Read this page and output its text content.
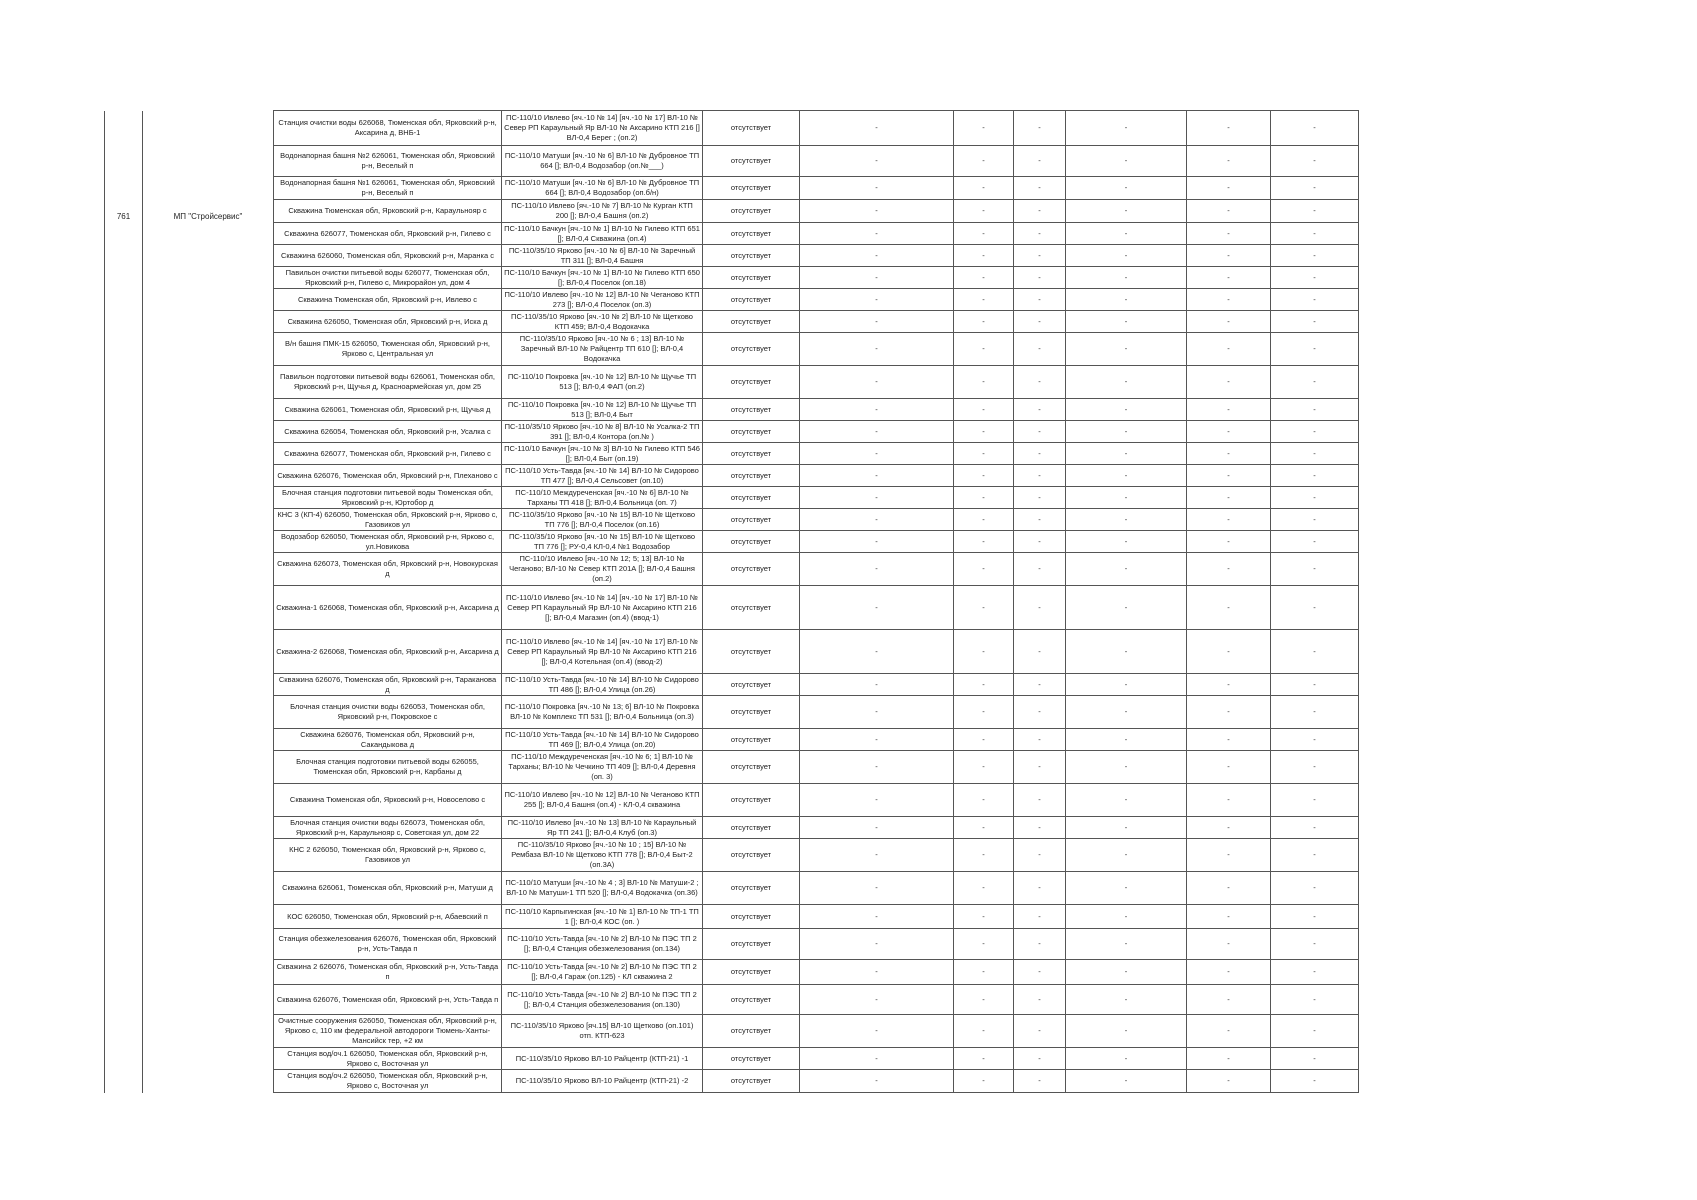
761	МП "Стройсервис"	Станция очистки воды 626068, Тюменская обл, Ярковский р-н, Аксарина д, ВНБ-1	ПС-110/10 Ивлево [яч.-10 № 14] [яч.-10 № 17] ВЛ-10 № Север РП Караульный Яр ВЛ-10 № Аксарино КТП 216 [] ВЛ-0,4 Берег ; (оп.2)	отсутствует	-	-	-	-	-	-
		Водонапорная башня №2 626061, Тюменская обл, Ярковский р-н, Веселый п	ПС-110/10 Матуши [яч.-10 № 6] ВЛ-10 № Дубровное ТП 664 []; ВЛ-0,4 Водозабор (оп.№___)	отсутствует	-	-	-	-	-	-
		Водонапорная башня №1 626061, Тюменская обл, Ярковский р-н, Веселый п	ПС-110/10 Матуши [яч.-10 № 6] ВЛ-10 № Дубровное ТП 664 []; ВЛ-0,4 Водозабор (оп.б/н)	отсутствует	-	-	-	-	-	-
		Скважина Тюменская обл, Ярковский р-н, Караульнояр с	ПС-110/10 Ивлево [яч.-10 № 7] ВЛ-10 № Курган КТП 200 []; ВЛ-0,4 Башня (оп.2)	отсутствует	-	-	-	-	-	-
		Скважина 626077, Тюменская обл, Ярковский р-н, Гилево с	ПС-110/10 Бачкун [яч.-10 № 1] ВЛ-10 № Гилево КТП 651 []; ВЛ-0,4 Скважина (оп.4)	отсутствует	-	-	-	-	-	-
		Скважина 626060, Тюменская обл, Ярковский р-н, Маранка с	ПС-110/35/10 Ярково [яч.-10 № 6] ВЛ-10 № Заречный ТП 311 []; ВЛ-0,4 Башня	отсутствует	-	-	-	-	-	-
		Павильон очистки питьевой воды 626077, Тюменская обл, Ярковский р-н, Гилево с, Микрорайон ул, дом 4	ПС-110/10 Бачкун [яч.-10 № 1] ВЛ-10 № Гилево КТП 650 []; ВЛ-0,4 Поселок (оп.18)	отсутствует	-	-	-	-	-	-
		Скважина Тюменская обл, Ярковский р-н, Ивлево с	ПС-110/10 Ивлево [яч.-10 № 12] ВЛ-10 № Чеганово КТП 273 []; ВЛ-0,4 Поселок (оп.3)	отсутствует	-	-	-	-	-	-
		Скважина 626050, Тюменская обл, Ярковский р-н, Иска д	ПС-110/35/10 Ярково [яч.-10 № 2] ВЛ-10 № Щетково КТП 459; ВЛ-0,4 Водокачка	отсутствует	-	-	-	-	-	-
		В/н башня ПМК-15 626050, Тюменская обл, Ярковский р-н, Ярково с, Центральная ул	ПС-110/35/10 Ярково [яч.-10 № 6 ; 13] ВЛ-10 № Заречный ВЛ-10 № Райцентр ТП 610 []; ВЛ-0,4 Водокачка	отсутствует	-	-	-	-	-	-
		Павильон подготовки питьевой воды 626061, Тюменская обл, Ярковский р-н, Щучья д, Красноармейская ул, дом 25	ПС-110/10 Покровка [яч.-10 № 12] ВЛ-10 № Щучье ТП 513 []; ВЛ-0,4 ФАП (оп.2)	отсутствует	-	-	-	-	-	-
		Скважина 626061, Тюменская обл, Ярковский р-н, Щучья д	ПС-110/10 Покровка [яч.-10 № 12] ВЛ-10 № Щучье ТП 513 []; ВЛ-0,4 Быт	отсутствует	-	-	-	-	-	-
		Скважина 626054, Тюменская обл, Ярковский р-н, Усалка с	ПС-110/35/10 Ярково [яч.-10 № 8] ВЛ-10 № Усалка-2 ТП 391 []; ВЛ-0,4 Контора (оп.№ )	отсутствует	-	-	-	-	-	-
		Скважина 626077, Тюменская обл, Ярковский р-н, Гилево с	ПС-110/10 Бачкун [яч.-10 № 3] ВЛ-10 № Гилево КТП 546 []; ВЛ-0,4 Быт (оп.19)	отсутствует	-	-	-	-	-	-
		Скважина 626076, Тюменская обл, Ярковский р-н, Плеханово с	ПС-110/10 Усть-Тавда [яч.-10 № 14] ВЛ-10 № Сидорово ТП 477 []; ВЛ-0,4 Сельсовет (оп.10)	отсутствует	-	-	-	-	-	-
		Блочная станция подготовки питьевой воды Тюменская обл, Ярковский р-н, Юртобор д	ПС-110/10 Междуреченская [яч.-10 № 6] ВЛ-10 № Тарханы ТП 418 []; ВЛ-0,4 Больница (оп. 7)	отсутствует	-	-	-	-	-	-
		КНС 3 (КП-4) 626050, Тюменская обл, Ярковский р-н, Ярково с, Газовиков ул	ПС-110/35/10 Ярково [яч.-10 № 15] ВЛ-10 № Щетково ТП 776 []; ВЛ-0,4 Поселок (оп.16)	отсутствует	-	-	-	-	-	-
		Водозабор 626050, Тюменская обл, Ярковский р-н, Ярково с, ул.Новикова	ПС-110/35/10 Ярково [яч.-10 № 15] ВЛ-10 № Щетково ТП 776 []; РУ-0,4 КЛ-0,4 №1 Водозабор	отсутствует	-	-	-	-	-	-
		Скважина 626073, Тюменская обл, Ярковский р-н, Новокурская д	ПС-110/10 Ивлево [яч.-10 № 12; 5; 13] ВЛ-10 № Чеганово; ВЛ-10 № Север КТП 201А []; ВЛ-0,4 Башня (оп.2)	отсутствует	-	-	-	-	-	-
		Скважина-1 626068, Тюменская обл, Ярковский р-н, Аксарина д	ПС-110/10 Ивлево [яч.-10 № 14] [яч.-10 № 17] ВЛ-10 № Север РП Караульный Яр ВЛ-10 № Аксарино КТП 216 []; ВЛ-0,4 Магазин (оп.4) (ввод-1)	отсутствует	-	-	-	-	-	-
		Скважина-2 626068, Тюменская обл, Ярковский р-н, Аксарина д	ПС-110/10 Ивлево [яч.-10 № 14] [яч.-10 № 17] ВЛ-10 № Север РП Караульный Яр ВЛ-10 № Аксарино КТП 216 []; ВЛ-0,4 Котельная (оп.4) (ввод-2)	отсутствует	-	-	-	-	-	-
		Скважина 626076, Тюменская обл, Ярковский р-н, Тараканова д	ПС-110/10 Усть-Тавда [яч.-10 № 14] ВЛ-10 № Сидорово ТП 486 []; ВЛ-0,4 Улица (оп.26)	отсутствует	-	-	-	-	-	-
		Блочная станция очистки воды 626053, Тюменская обл, Ярковский р-н, Покровское с	ПС-110/10 Покровка [яч.-10 № 13; 6] ВЛ-10 № Покровка ВЛ-10 № Комплекс ТП 531 []; ВЛ-0,4 Больница (оп.3)	отсутствует	-	-	-	-	-	-
		Скважина 626076, Тюменская обл, Ярковский р-н, Сакандыкова д	ПС-110/10 Усть-Тавда [яч.-10 № 14] ВЛ-10 № Сидорово ТП 469 []; ВЛ-0,4 Улица (оп.20)	отсутствует	-	-	-	-	-	-
		Блочная станция подготовки питьевой воды 626055, Тюменская обл, Ярковский р-н, Карбаны д	ПС-110/10 Междуреченская [яч.-10 № 6; 1] ВЛ-10 № Тарханы; ВЛ-10 № Чечкино ТП 409 []; ВЛ-0,4 Деревня (оп. 3)	отсутствует	-	-	-	-	-	-
		Скважина Тюменская обл, Ярковский р-н, Новоселово с	ПС-110/10 Ивлево [яч.-10 № 12] ВЛ-10 № Чеганово КТП 255 []; ВЛ-0,4 Башня (оп.4) - КЛ-0,4 скважина	отсутствует	-	-	-	-	-	-
		Блочная станция очистки воды 626073, Тюменская обл, Ярковский р-н, Караульнояр с, Советская ул, дом 22	ПС-110/10 Ивлево [яч.-10 № 13] ВЛ-10 № Караульный Яр ТП 241 []; ВЛ-0,4 Клуб (оп.3)	отсутствует	-	-	-	-	-	-
		КНС 2 626050, Тюменская обл, Ярковский р-н, Ярково с, Газовиков ул	ПС-110/35/10 Ярково [яч.-10 № 10 ; 15] ВЛ-10 № Рембаза ВЛ-10 № Щетково КТП 778 []; ВЛ-0,4 Быт-2 (оп.3А)	отсутствует	-	-	-	-	-	-
		Скважина 626061, Тюменская обл, Ярковский р-н, Матуши д	ПС-110/10 Матуши [яч.-10 № 4 ; 3] ВЛ-10 № Матуши-2 ; ВЛ-10 № Матуши-1 ТП 520 []; ВЛ-0,4 Водокачка (оп.36)	отсутствует	-	-	-	-	-	-
		КОС 626050, Тюменская обл, Ярковский р-н, Абаевский п	ПС-110/10 Карпыгинская [яч.-10 № 1] ВЛ-10 № ТП-1 ТП 1 []; ВЛ-0,4 КОС (оп. )	отсутствует	-	-	-	-	-	-
		Станция обезжелезования 626076, Тюменская обл, Ярковский р-н, Усть-Тавда п	ПС-110/10 Усть-Тавда [яч.-10 № 2] ВЛ-10 № ПЭС ТП 2 []; ВЛ-0,4 Станция обезжелезования (оп.134)	отсутствует	-	-	-	-	-	-
		Скважина 2 626076, Тюменская обл, Ярковский р-н, Усть-Тавда п	ПС-110/10 Усть-Тавда [яч.-10 № 2] ВЛ-10 № ПЭС ТП 2 []; ВЛ-0,4 Гараж (оп.125) - КЛ скважина 2	отсутствует	-	-	-	-	-	-
		Скважина 626076, Тюменская обл, Ярковский р-н, Усть-Тавда п	ПС-110/10 Усть-Тавда [яч.-10 № 2] ВЛ-10 № ПЭС ТП 2 []; ВЛ-0,4 Станция обезжелезования (оп.130)	отсутствует	-	-	-	-	-	-
		Очистные сооружения 626050, Тюменская обл, Ярковский р-н, Ярково с, 110 км федеральной автодороги Тюмень-Ханты-Мансийск тер, +2 км	ПС-110/35/10 Ярково [яч.15] ВЛ-10 Щетково (оп.101) отп. КТП-623	отсутствует	-	-	-	-	-	-
		Станция вод/оч.1 626050, Тюменская обл, Ярковский р-н, Ярково с, Восточная ул	ПС-110/35/10 Ярково ВЛ-10 Райцентр (КТП-21) -1	отсутствует	-	-	-	-	-	-
		Станция вод/оч.2 626050, Тюменская обл, Ярковский р-н, Ярково с, Восточная ул	ПС-110/35/10 Ярково ВЛ-10 Райцентр (КТП-21) -2	отсутствует	-	-	-	-	-	-
